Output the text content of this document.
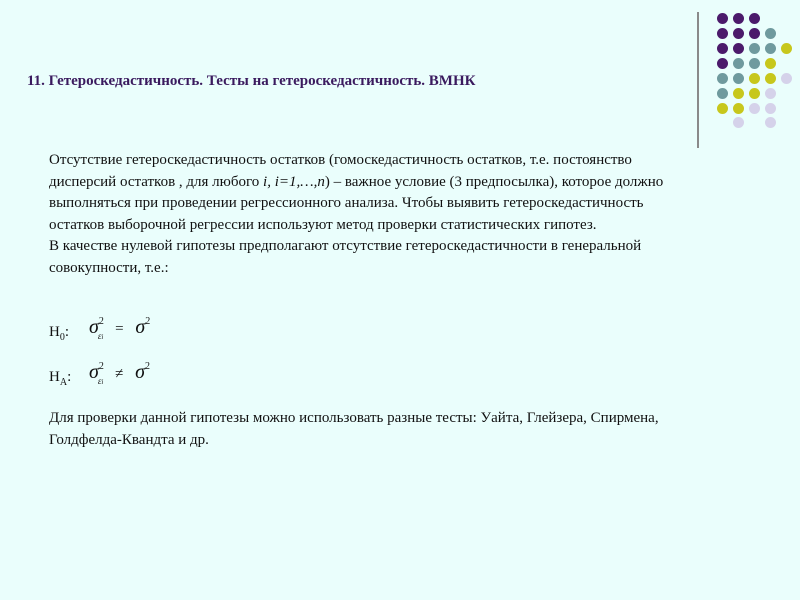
11. Гетероскедастичность. Тесты на гетероскедастичность. ВМНК

Отсутствие гетероскедастичность остатков (гомоскедастичность остатков, т.е. постоянство дисперсий остатков , для любого i, i=1,…,n) – важное условие (3 предпосылка), которое должно выполняться при проведении регрессионного анализа. Чтобы выявить гетероскедастичность остатков выборочной регрессии используют метод проверки статистических гипотез.

В качестве нулевой гипотезы предполагают отсутствие гетероскедастичности в генеральной совокупности, т.е.:

$H_0$: $\sigma^2_{\varepsilon i} = \sigma^2$
$H_A$: $\sigma^2_{\varepsilon i} \ne \sigma^2$
Для проверки данной гипотезы можно использовать разные тесты: Уайта, Глейзера, Спирмена, Голдфелда-Квандта и др.
